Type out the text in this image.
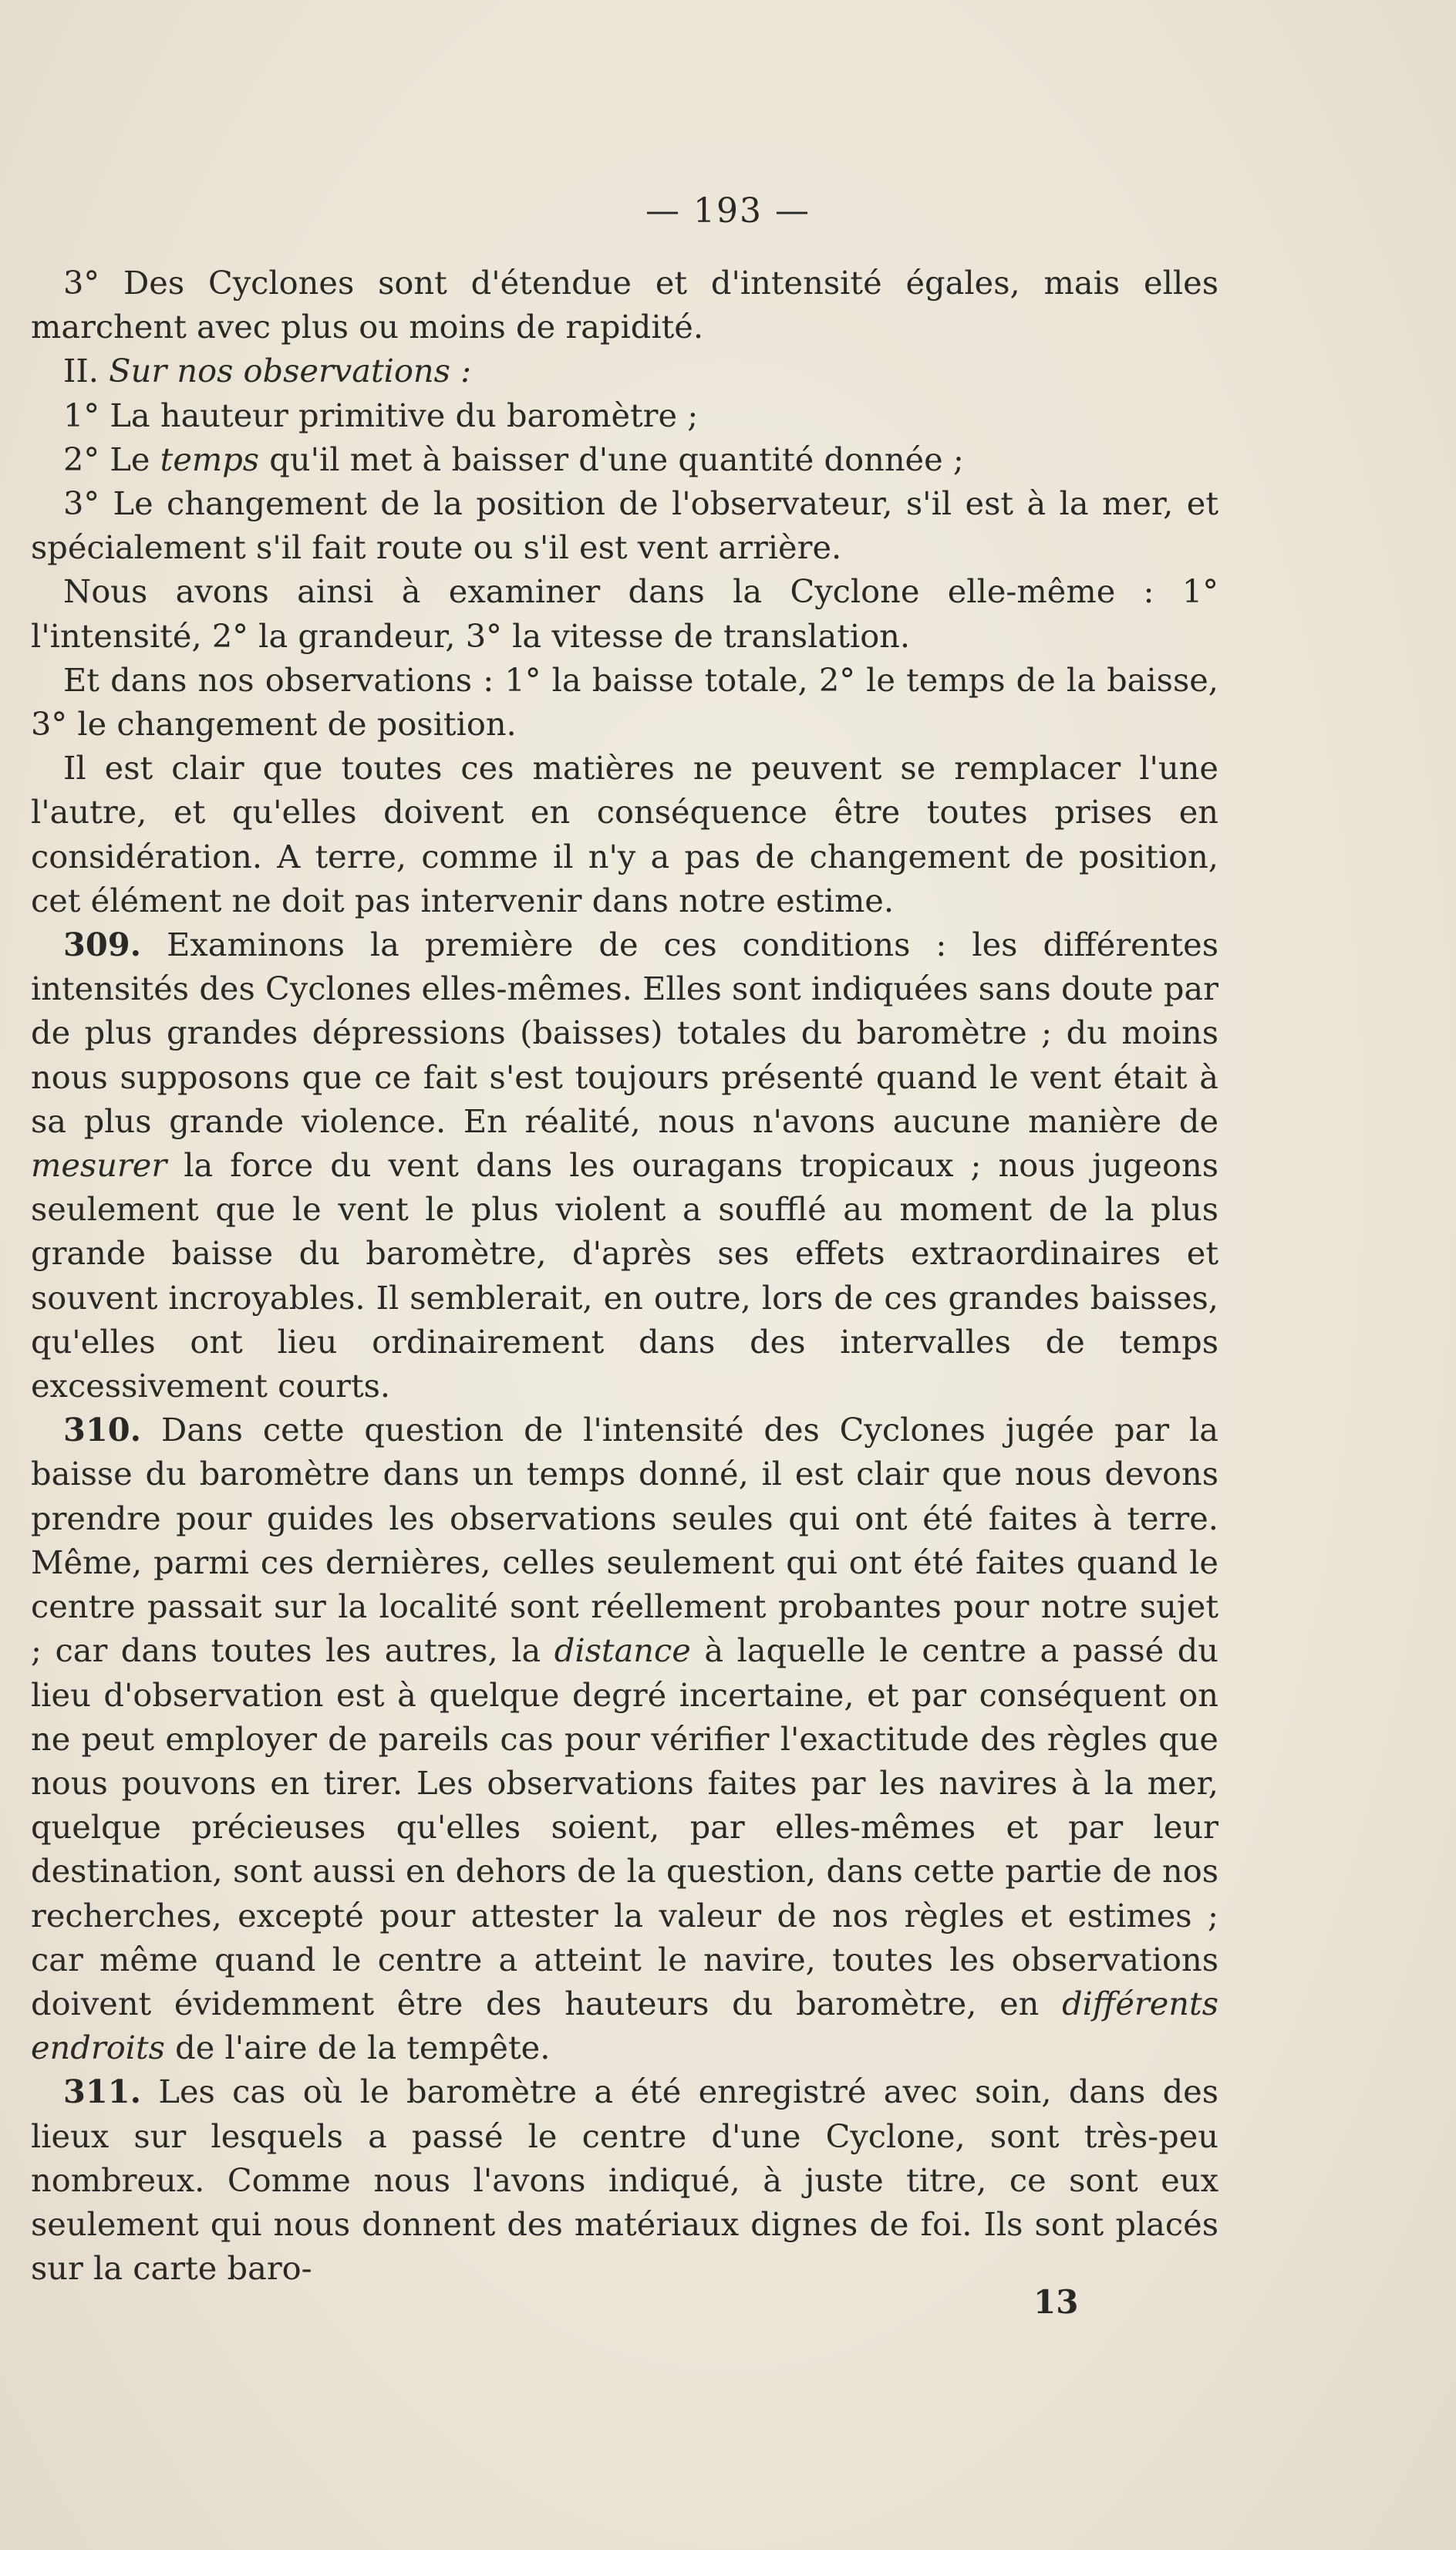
— 193 —

3° Des Cyclones sont d'étendue et d'intensité égales, mais elles marchent avec plus ou moins de rapidité.

II. Sur nos observations :

1° La hauteur primitive du baromètre ;

2° Le temps qu'il met à baisser d'une quantité donnée ;

3° Le changement de la position de l'observateur, s'il est à la mer, et spécialement s'il fait route ou s'il est vent arrière.

Nous avons ainsi à examiner dans la Cyclone elle-même : 1° l'intensité, 2° la grandeur, 3° la vitesse de translation.

Et dans nos observations : 1° la baisse totale, 2° le temps de la baisse, 3° le changement de position.

Il est clair que toutes ces matières ne peuvent se remplacer l'une l'autre, et qu'elles doivent en conséquence être toutes prises en considération. A terre, comme il n'y a pas de changement de position, cet élément ne doit pas intervenir dans notre estime.

309. Examinons la première de ces conditions : les différentes intensités des Cyclones elles-mêmes. Elles sont indiquées sans doute par de plus grandes dépressions (baisses) totales du baromètre ; du moins nous supposons que ce fait s'est toujours présenté quand le vent était à sa plus grande violence. En réalité, nous n'avons aucune manière de mesurer la force du vent dans les ouragans tropicaux ; nous jugeons seulement que le vent le plus violent a soufflé au moment de la plus grande baisse du baromètre, d'après ses effets extraordinaires et souvent incroyables. Il semblerait, en outre, lors de ces grandes baisses, qu'elles ont lieu ordinairement dans des intervalles de temps excessivement courts.

310. Dans cette question de l'intensité des Cyclones jugée par la baisse du baromètre dans un temps donné, il est clair que nous devons prendre pour guides les observations seules qui ont été faites à terre. Même, parmi ces dernières, celles seulement qui ont été faites quand le centre passait sur la localité sont réellement probantes pour notre sujet ; car dans toutes les autres, la distance à laquelle le centre a passé du lieu d'observation est à quelque degré incertaine, et par conséquent on ne peut employer de pareils cas pour vérifier l'exactitude des règles que nous pouvons en tirer. Les observations faites par les navires à la mer, quelque précieuses qu'elles soient, par elles-mêmes et par leur destination, sont aussi en dehors de la question, dans cette partie de nos recherches, excepté pour attester la valeur de nos règles et estimes ; car même quand le centre a atteint le navire, toutes les observations doivent évidemment être des hauteurs du baromètre, en différents endroits de l'aire de la tempête.

311. Les cas où le baromètre a été enregistré avec soin, dans des lieux sur lesquels a passé le centre d'une Cyclone, sont très-peu nombreux. Comme nous l'avons indiqué, à juste titre, ce sont eux seulement qui nous donnent des matériaux dignes de foi. Ils sont placés sur la carte baro-

13
